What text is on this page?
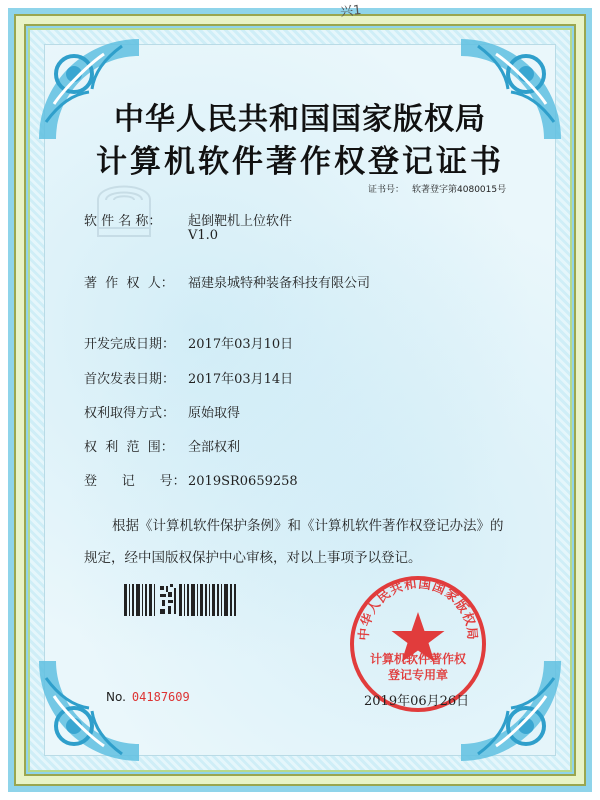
兴1
中华人民共和国国家版权局
计算机软件著作权登记证书
证书号： 软著登字第4080015号
软 件 名 称： 起倒靶机上位软件
V1.0
著  作  权  人： 福建泉城特种装备科技有限公司
开发完成日期： 2017年03月10日
首次发表日期： 2017年03月14日
权利取得方式： 原始取得
权  利  范  围： 全部权利
登      记      号： 2019SR0659258
根据《计算机软件保护条例》和《计算机软件著作权登记办法》的
规定，经中国版权保护中心审核，对以上事项予以登记。
No. 04187609
中华人民共和国国家版权局
计算机软件著作权
登记专用章
2019年06月26日
